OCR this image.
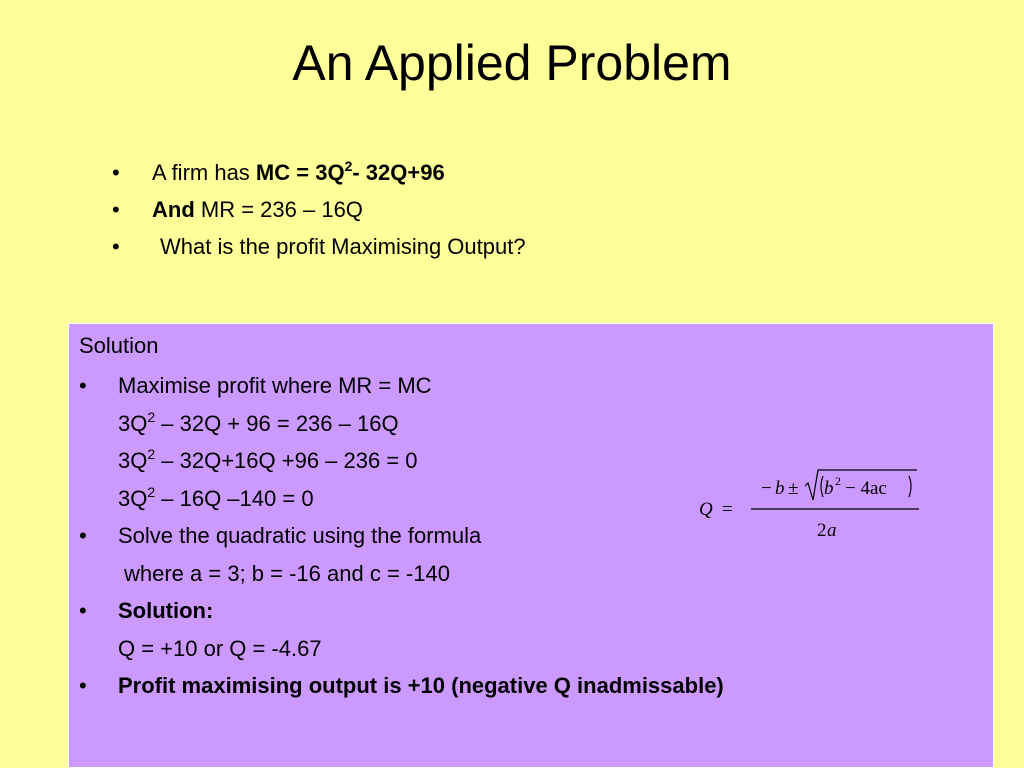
An Applied Problem
•	A firm has MC = $3Q^2-$ 32Q+96
•	And MR = 236 – 16Q
•	What is the profit Maximising Output?
Solution
•	Maximise profit where MR = MC
$3Q^2 - 32Q + 96 = 236 - 16Q$
$3Q^2 - 32Q+16Q +96 - 236 = 0$
$3Q^2 - 16Q$ –140 = 0
•	Solve the quadratic using the formula
where a = 3; b = -16 and c = -140
•	Solution:
Q = +10 or Q = -4.67
•	Profit maximising output is +10 (negative Q inadmissable)
Q =
− b ± b 2 − 4ac
2 a
